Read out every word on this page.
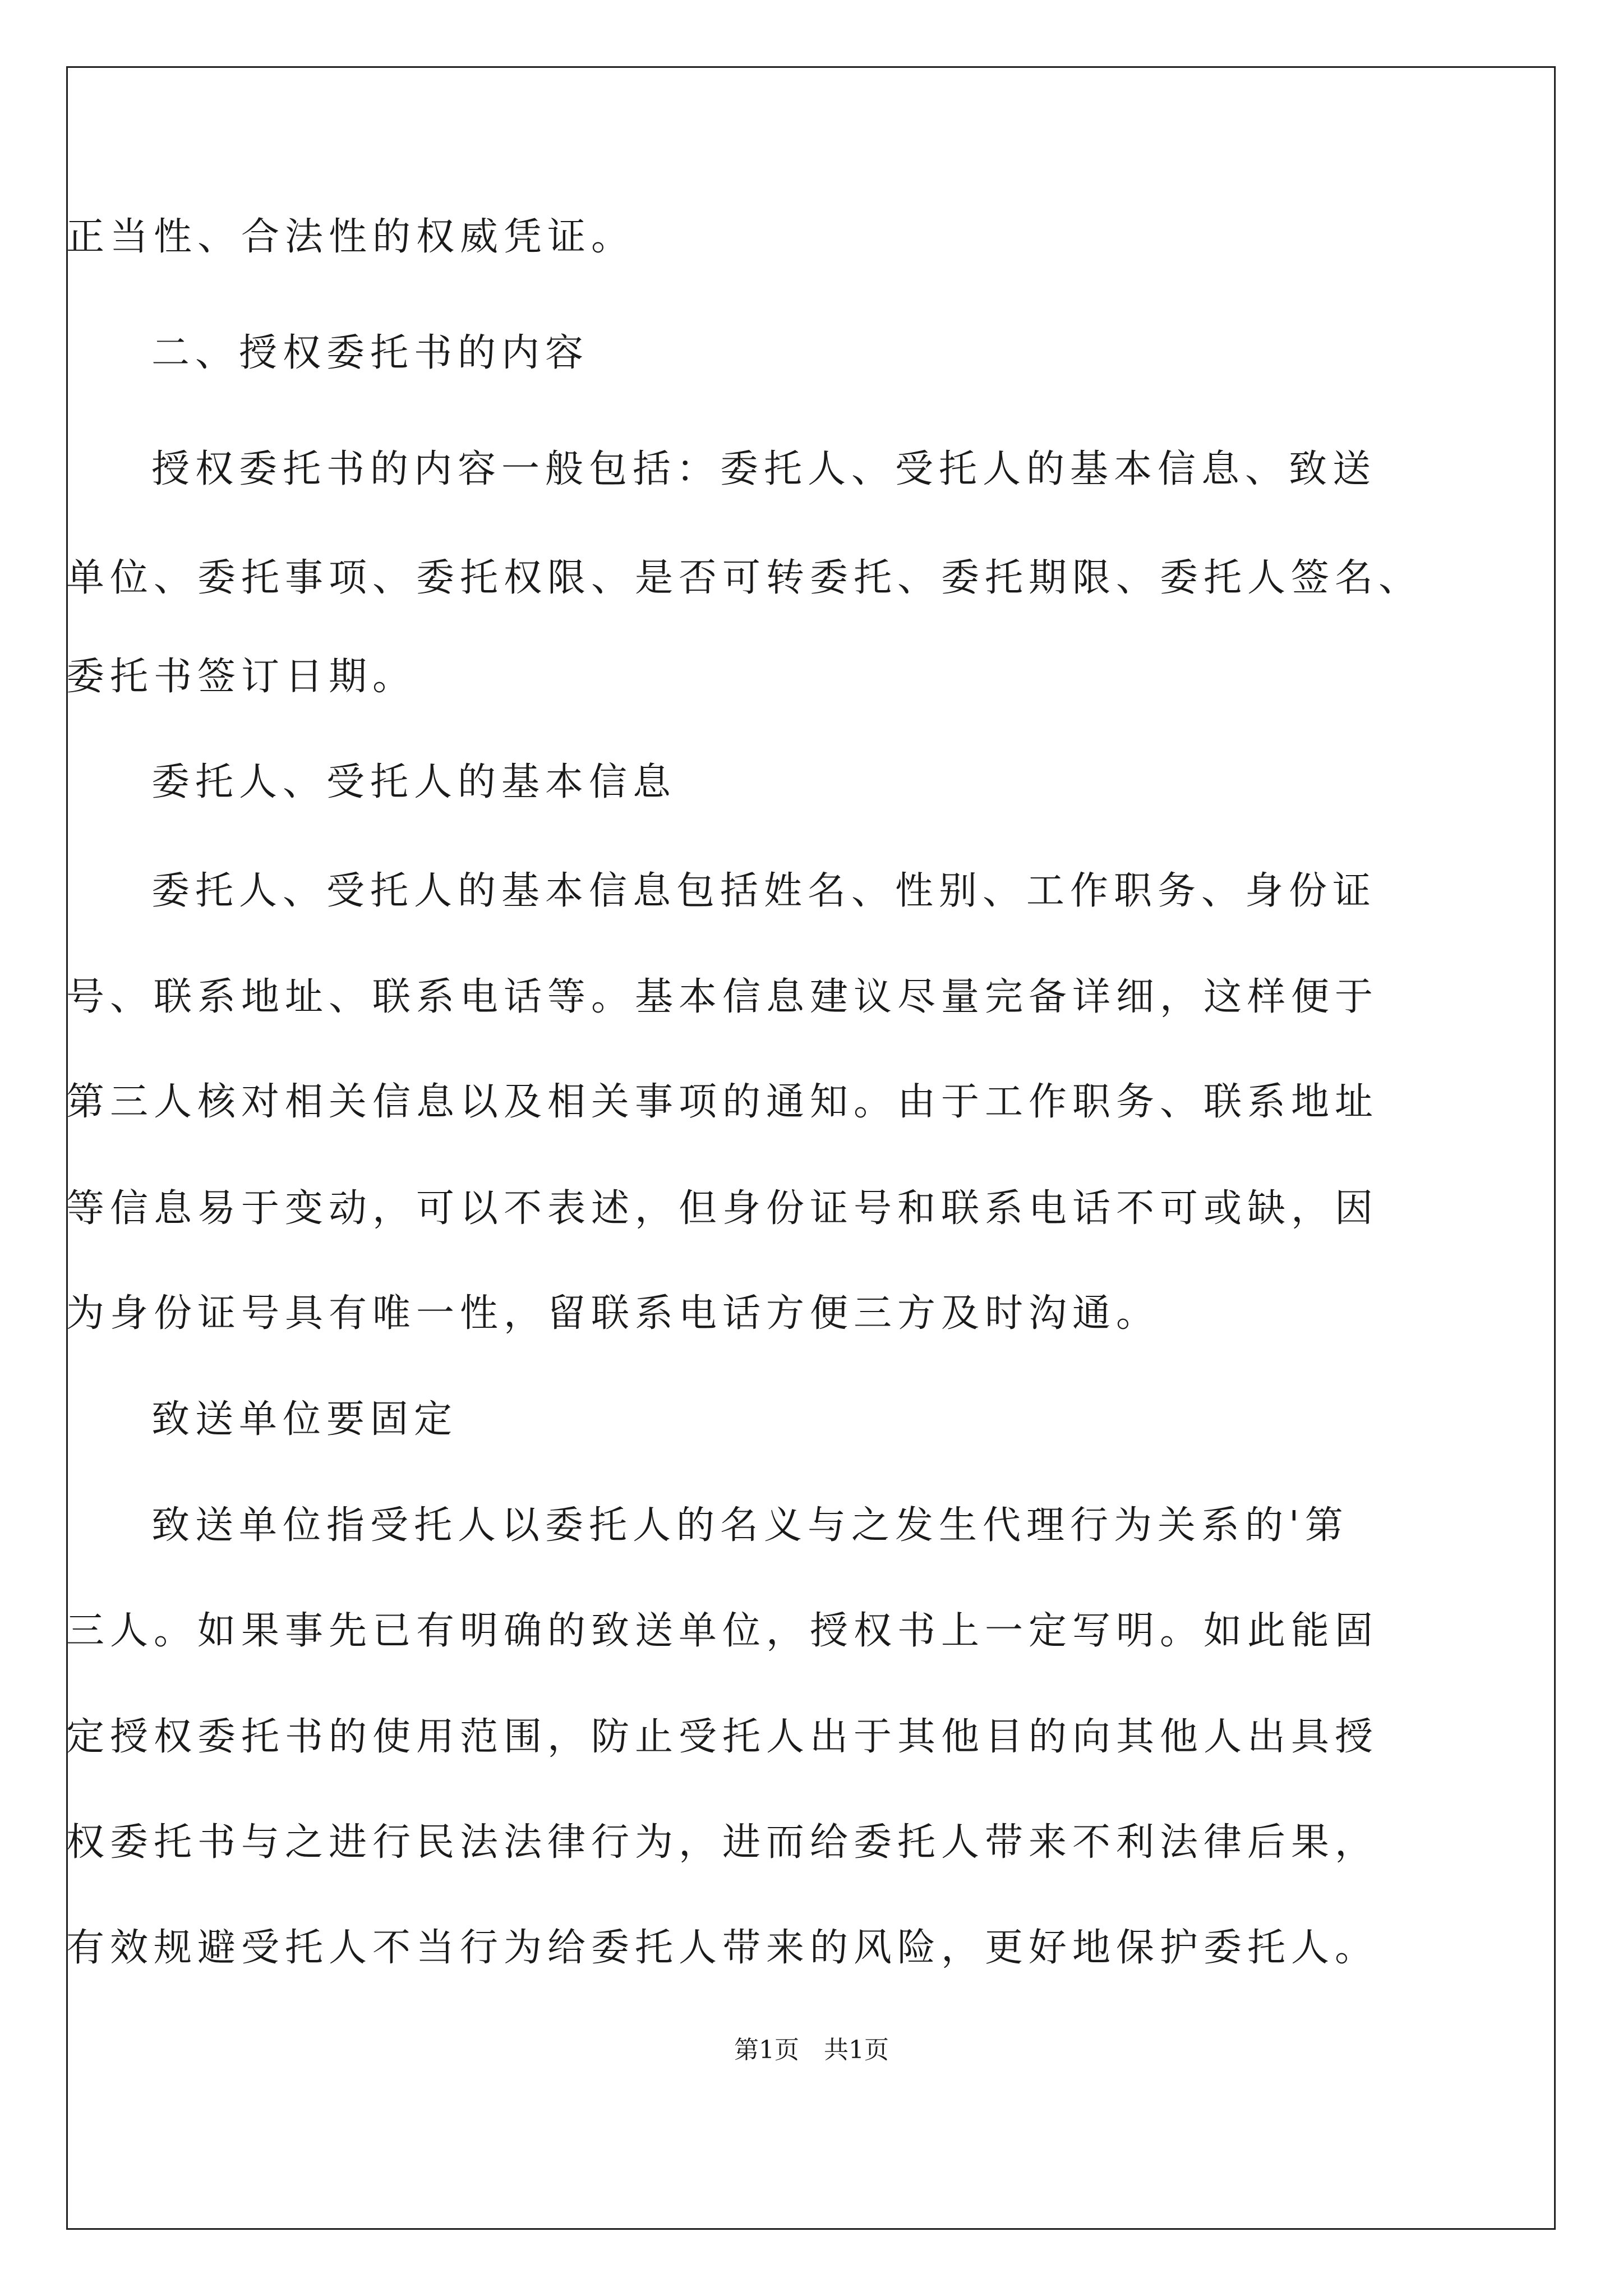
正当性、合法性的权威凭证。
二、授权委托书的内容
授权委托书的内容一般包括：委托人、受托人的基本信息、致送
单位、委托事项、委托权限、是否可转委托、委托期限、委托人签名、
委托书签订日期。
委托人、受托人的基本信息
委托人、受托人的基本信息包括姓名、性别、工作职务、身份证
号、联系地址、联系电话等。基本信息建议尽量完备详细，这样便于
第三人核对相关信息以及相关事项的通知。由于工作职务、联系地址
等信息易于变动，可以不表述，但身份证号和联系电话不可或缺，因
为身份证号具有唯一性，留联系电话方便三方及时沟通。
致送单位要固定
致送单位指受托人以委托人的名义与之发生代理行为关系的'第
三人。如果事先已有明确的致送单位，授权书上一定写明。如此能固
定授权委托书的使用范围，防止受托人出于其他目的向其他人出具授
权委托书与之进行民法法律行为，进而给委托人带来不利法律后果，
有效规避受托人不当行为给委托人带来的风险，更好地保护委托人。
第1页 共1页
